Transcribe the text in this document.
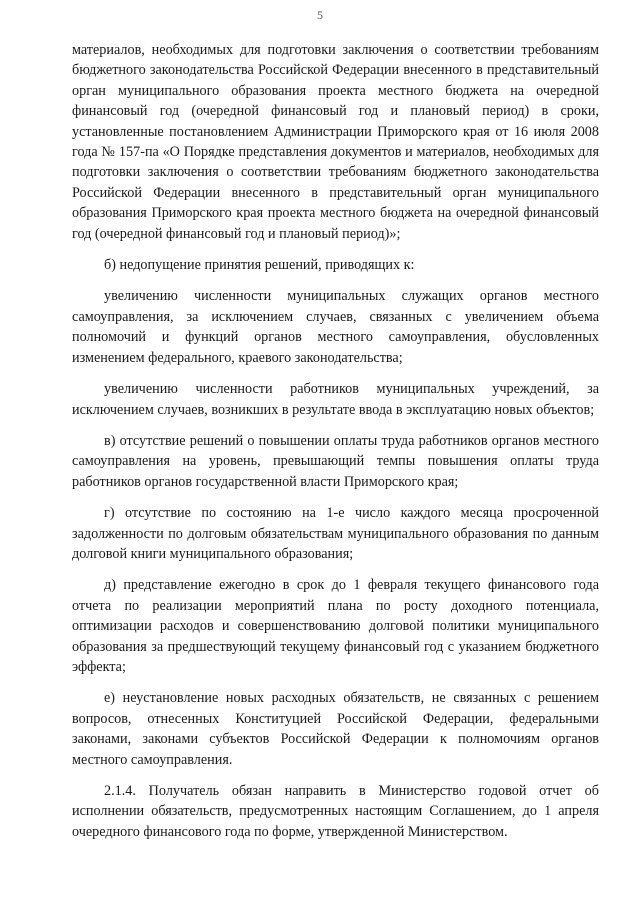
5

материалов, необходимых для подготовки заключения о соответствии требованиям бюджетного законодательства Российской Федерации внесенного в представительный орган муниципального образования проекта местного бюджета на очередной финансовый год (очередной финансовый год и плановый период) в сроки, установленные постановлением Администрации Приморского края от 16 июля 2008 года № 157-па «О Порядке представления документов и материалов, необходимых для подготовки заключения о соответствии требованиям бюджетного законодательства Российской Федерации внесенного в представительный орган муниципального образования Приморского края проекта местного бюджета на очередной финансовый год (очередной финансовый год и плановый период)»;

б) недопущение принятия решений, приводящих к:

увеличению численности муниципальных служащих органов местного самоуправления, за исключением случаев, связанных с увеличением объема полномочий и функций органов местного самоуправления, обусловленных изменением федерального, краевого законодательства;

увеличению численности работников муниципальных учреждений, за исключением случаев, возникших в результате ввода в эксплуатацию новых объектов;

в) отсутствие решений о повышении оплаты труда работников органов местного самоуправления на уровень, превышающий темпы повышения оплаты труда работников органов государственной власти Приморского края;

г) отсутствие по состоянию на 1-е число каждого месяца просроченной задолженности по долговым обязательствам муниципального образования по данным долговой книги муниципального образования;

д) представление ежегодно в срок до 1 февраля текущего финансового года отчета по реализации мероприятий плана по росту доходного потенциала, оптимизации расходов и совершенствованию долговой политики муниципального образования за предшествующий текущему финансовый год с указанием бюджетного эффекта;

е) неустановление новых расходных обязательств, не связанных с решением вопросов, отнесенных Конституцией Российской Федерации, федеральными законами, законами субъектов Российской Федерации к полномочиям органов местного самоуправления.

2.1.4. Получатель обязан направить в Министерство годовой отчет об исполнении обязательств, предусмотренных настоящим Соглашением, до 1 апреля очередного финансового года по форме, утвержденной Министерством.
